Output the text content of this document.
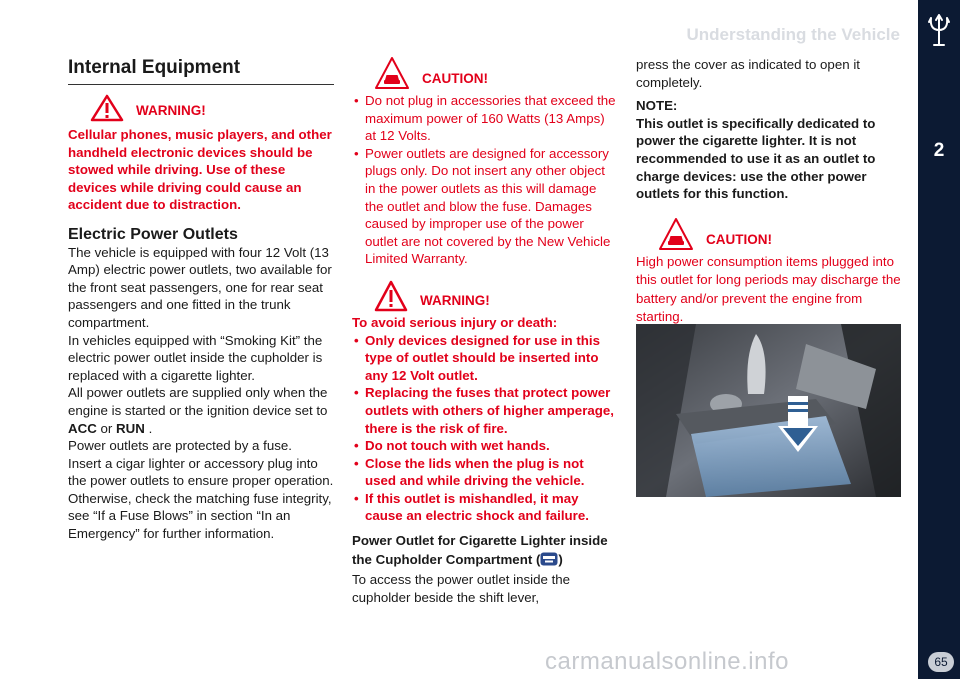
2
Understanding the Vehicle
65
carmanualsonline.info
Internal Equipment
WARNING!

Cellular phones, music players, and other handheld electronic devices should be stowed while driving. Use of these devices while driving could cause an accident due to distraction.

Electric Power Outlets

The vehicle is equipped with four 12 Volt (13 Amp) electric power outlets, two available for the front seat passengers, one for rear seat passengers and one fitted in the trunk compartment.

In vehicles equipped with “Smoking Kit” the electric power outlet inside the cupholder is replaced with a cigarette lighter.

All power outlets are supplied only when the engine is started or the ignition device set to ACC or RUN .

Power outlets are protected by a fuse.

Insert a cigar lighter or accessory plug into the power outlets to ensure proper operation. Otherwise, check the matching fuse integrity, see “If a Fuse Blows” in section “In an Emergency” for further information.

CAUTION!
• Do not plug in accessories that exceed the maximum power of 160 Watts (13 Amps) at 12 Volts.
• Power outlets are designed for accessory plugs only. Do not insert any other object in the power outlets as this will damage the outlet and blow the fuse. Damages caused by improper use of the power outlet are not covered by the New Vehicle Limited Warranty.
WARNING!

To avoid serious injury or death:

• Only devices designed for use in this type of outlet should be inserted into any 12 Volt outlet.
• Replacing the fuses that protect power outlets with others of higher amperage, there is the risk of fire.
• Do not touch with wet hands.
• Close the lids when the plug is not used and while driving the vehicle.
• If this outlet is mishandled, it may cause an electric shock and failure.

Power Outlet for Cigarette Lighter inside the Cupholder Compartment ( )

To access the power outlet inside the cupholder beside the shift lever,

press the cover as indicated to open it completely.

NOTE:

This outlet is specifically dedicated to power the cigarette lighter. It is not recommended to use it as an outlet to charge devices: use the other power outlets for this function.

CAUTION!

High power consumption items plugged into this outlet for long periods may discharge the battery and/or prevent the engine from starting.
